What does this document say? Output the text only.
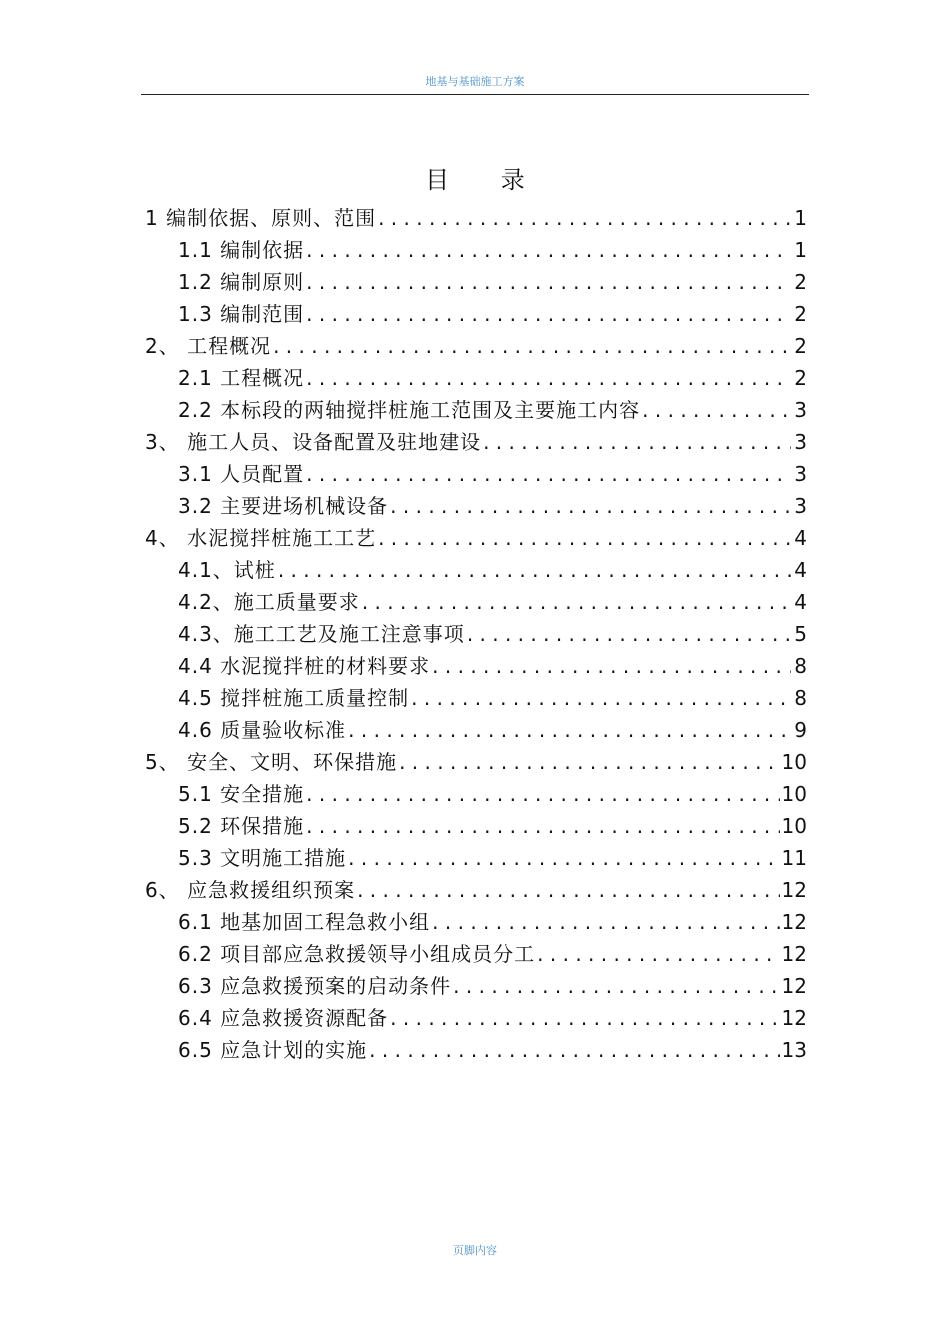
地基与基础施工方案
目 录
1 编制依据、原则、范围 . . .	1
1.1 编制依据 . . .	1
1.2 编制原则 . . .	2
1.3 编制范围 . . .	2
2、 工程概况 . . .	2
2.1 工程概况 . . .	2
2.2 本标段的两轴搅拌桩施工范围及主要施工内容 . . .	3
3、 施工人员、设备配置及驻地建设 . . .	3
3.1 人员配置 . . .	3
3.2 主要进场机械设备 . . .	3
4、 水泥搅拌桩施工工艺 . . .	4
4.1、试桩 . . .	4
4.2、施工质量要求 . . .	4
4.3、施工工艺及施工注意事项 . . .	5
4.4 水泥搅拌桩的材料要求 . . .	8
4.5 搅拌桩施工质量控制 . . .	8
4.6 质量验收标准 . . .	9
5、 安全、文明、环保措施 . . .	10
5.1 安全措施 . . .	10
5.2 环保措施 . . .	10
5.3 文明施工措施 . . .	11
6、 应急救援组织预案 . . .	12
6.1 地基加固工程急救小组 . . .	12
6.2 项目部应急救援领导小组成员分工 . . .	12
6.3 应急救援预案的启动条件 . . .	12
6.4 应急救援资源配备 . . .	12
6.5 应急计划的实施 . . .	13
页脚内容
